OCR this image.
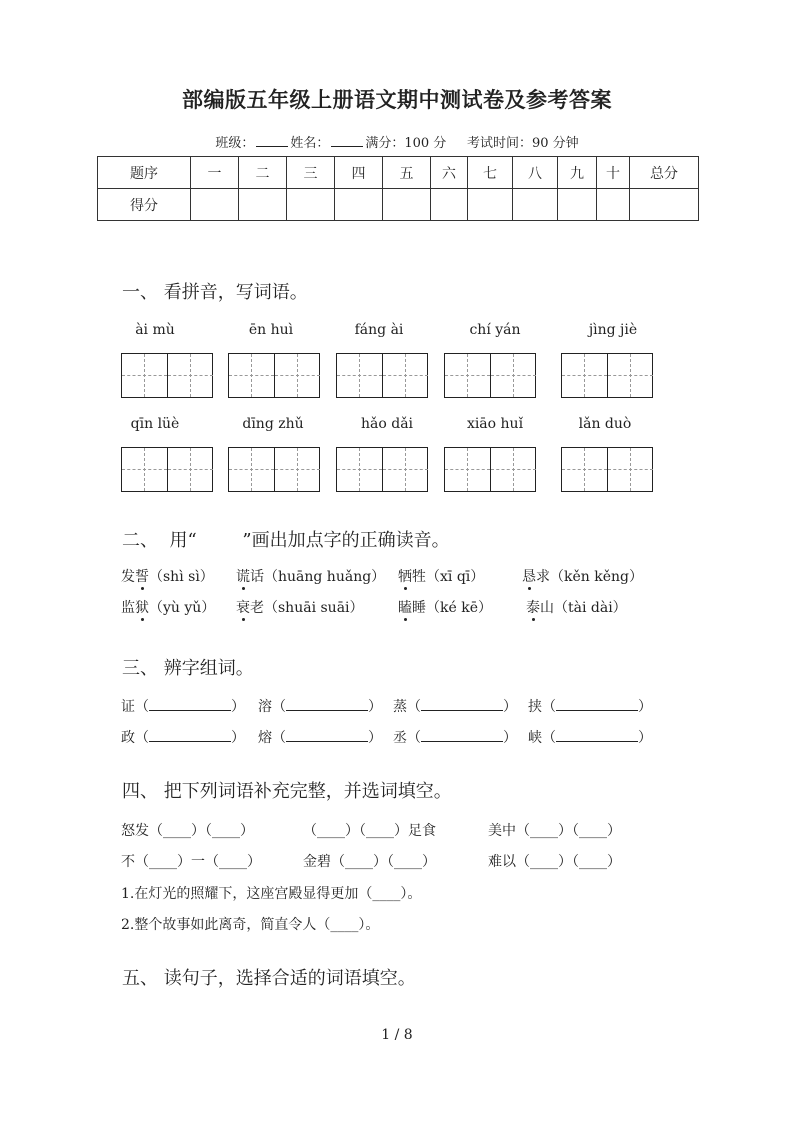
部编版五年级上册语文期中测试卷及参考答案
班级：	姓名：	满分：100 分 考试时间：90 分钟
题序	一	二	三	四	五	六	七	八	九	十	总分
得分											
一、 看拼音，写词语。
ài mù	ēn huì	fáng ài	chí yán	jìng jiè
qīn lüè	dīng zhǔ	hǎo dǎi	xiāo huǐ	lǎn duò
二、  用“        ”画出加点字的正确读音。
发誓（shì sì） 谎话（huāng huǎng） 牺牲（xī qī）	恳求（kěn kěng）
监狱（yù yǔ） 衰老（shuāi suāi） 瞌睡（ké kē） 泰山（tài dài）
三、 辨字组词。
证（	） 溶（	） 蒸（	） 挟（	）
政（	） 熔（	） 丞（	） 峡（	）
四、 把下列词语补充完整，并选词填空。
怒发（____）（____）	（____）（____）足食	美中（____）（____）
不（____）一（____）	金碧（____）（____）	难以（____）（____）
1.在灯光的照耀下，这座宫殿显得更加（____）。
2.整个故事如此离奇，简直令人（____）。
五、 读句子，选择合适的词语填空。
1 / 8
